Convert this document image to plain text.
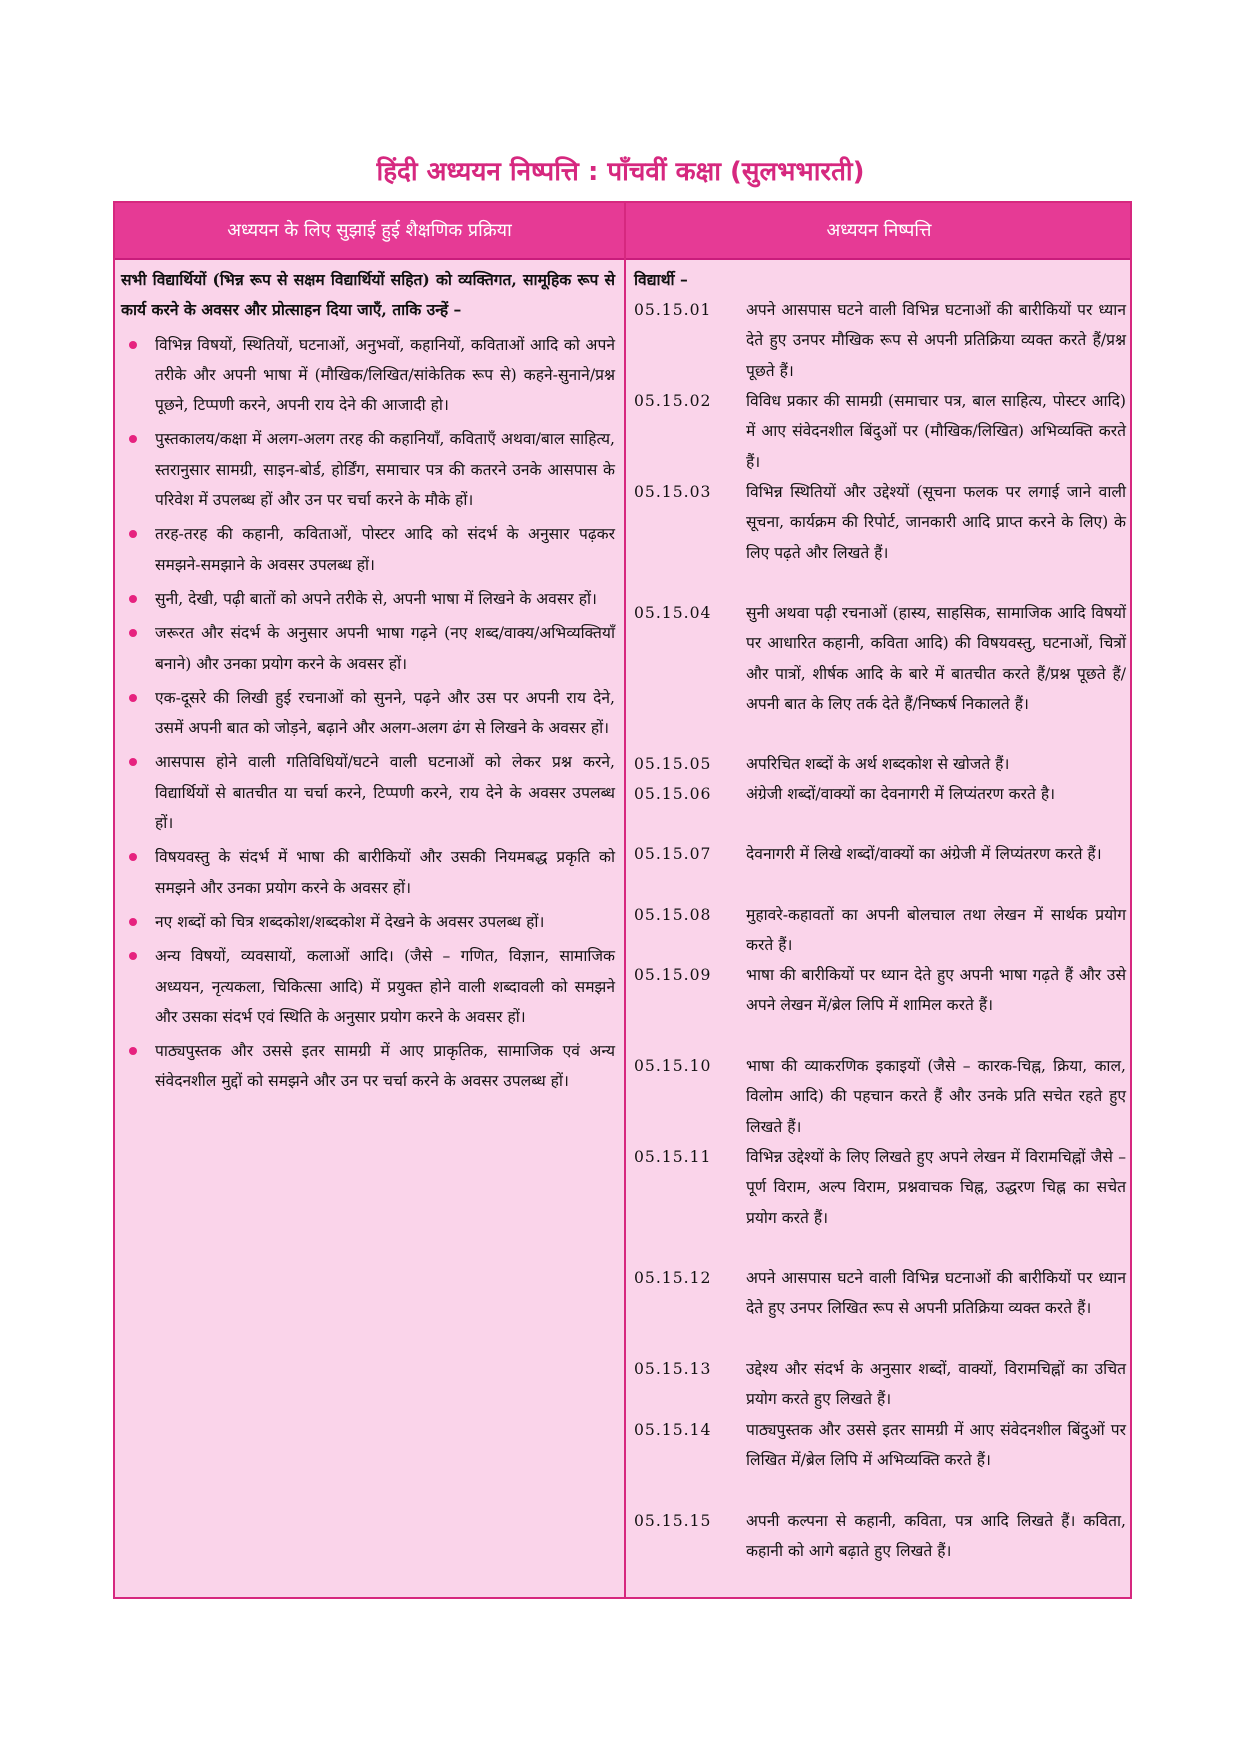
हिंदी अध्ययन निष्पत्ति : पाँचवीं कक्षा (सुलभभारती)
अध्ययन के लिए सुझाई हुई शैक्षणिक प्रक्रिया	अध्ययन निष्पत्ति
सभी विद्यार्थियों (भिन्न रूप से सक्षम विद्यार्थियों सहित) को व्यक्तिगत, सामूहिक रूप से कार्य करने के अवसर और प्रोत्साहन दिया जाएँ, ताकि उन्हें –
विभिन्न विषयों, स्थितियों, घटनाओं, अनुभवों, कहानियों, कविताओं आदि को अपने तरीके और अपनी भाषा में (मौखिक/लिखित/सांकेतिक रूप से) कहने-सुनाने/प्रश्न पूछने, टिप्पणी करने, अपनी राय देने की आजादी हो।
पुस्तकालय/कक्षा में अलग-अलग तरह की कहानियाँ, कविताएँ अथवा/बाल साहित्य, स्तरानुसार सामग्री, साइन-बोर्ड, होर्डिंग, समाचार पत्र की कतरने उनके आसपास के परिवेश में उपलब्ध हों और उन पर चर्चा करने के मौके हों।
तरह-तरह की कहानी, कविताओं, पोस्टर आदि को संदर्भ के अनुसार पढ़कर समझने-समझाने के अवसर उपलब्ध हों।
सुनी, देखी, पढ़ी बातों को अपने तरीके से, अपनी भाषा में लिखने के अवसर हों।
जरूरत और संदर्भ के अनुसार अपनी भाषा गढ़ने (नए शब्द/वाक्य/अभिव्यक्तियाँ बनाने) और उनका प्रयोग करने के अवसर हों।
एक-दूसरे की लिखी हुई रचनाओं को सुनने, पढ़ने और उस पर अपनी राय देने, उसमें अपनी बात को जोड़ने, बढ़ाने और अलग-अलग ढंग से लिखने के अवसर हों।
आसपास होने वाली गतिविधियों/घटने वाली घटनाओं को लेकर प्रश्न करने, विद्यार्थियों से बातचीत या चर्चा करने, टिप्पणी करने, राय देने के अवसर उपलब्ध हों।
विषयवस्तु के संदर्भ में भाषा की बारीकियों और उसकी नियमबद्ध प्रकृति को समझने और उनका प्रयोग करने के अवसर हों।
नए शब्दों को चित्र शब्दकोश/शब्दकोश में देखने के अवसर उपलब्ध हों।
अन्य विषयों, व्यवसायों, कलाओं आदि। (जैसे – गणित, विज्ञान, सामाजिक अध्ययन, नृत्यकला, चिकित्सा आदि) में प्रयुक्त होने वाली शब्दावली को समझने और उसका संदर्भ एवं स्थिति के अनुसार प्रयोग करने के अवसर हों।
पाठ्यपुस्तक और उससे इतर सामग्री में आए प्राकृतिक, सामाजिक एवं अन्य संवेदनशील मुद्दों को समझने और उन पर चर्चा करने के अवसर उपलब्ध हों।
विद्यार्थी –
05.15.01	अपने आसपास घटने वाली विभिन्न घटनाओं की बारीकियों पर ध्यान देते हुए उनपर मौखिक रूप से अपनी प्रतिक्रिया व्यक्त करते हैं/प्रश्न पूछते हैं।
05.15.02	विविध प्रकार की सामग्री (समाचार पत्र, बाल साहित्य, पोस्टर आदि) में आए संवेदनशील बिंदुओं पर (मौखिक/लिखित) अभिव्यक्ति करते हैं।
05.15.03	विभिन्न स्थितियों और उद्देश्यों (सूचना फलक पर लगाई जाने वाली सूचना, कार्यक्रम की रिपोर्ट, जानकारी आदि प्राप्त करने के लिए) के लिए पढ़ते और लिखते हैं।
05.15.04	सुनी अथवा पढ़ी रचनाओं (हास्य, साहसिक, सामाजिक आदि विषयों पर आधारित कहानी, कविता आदि) की विषयवस्तु, घटनाओं, चित्रों और पात्रों, शीर्षक आदि के बारे में बातचीत करते हैं/प्रश्न पूछते हैं/अपनी बात के लिए तर्क देते हैं/निष्कर्ष निकालते हैं।
05.15.05	अपरिचित शब्दों के अर्थ शब्दकोश से खोजते हैं।
05.15.06	अंग्रेजी शब्दों/वाक्यों का देवनागरी में लिप्यंतरण करते है।
05.15.07	देवनागरी में लिखे शब्दों/वाक्यों का अंग्रेजी में लिप्यंतरण करते हैं।
05.15.08	मुहावरे-कहावतों का अपनी बोलचाल तथा लेखन में सार्थक प्रयोग करते हैं।
05.15.09	भाषा की बारीकियों पर ध्यान देते हुए अपनी भाषा गढ़ते हैं और उसे अपने लेखन में/ब्रेल लिपि में शामिल करते हैं।
05.15.10	भाषा की व्याकरणिक इकाइयों (जैसे – कारक-चिह्न, क्रिया, काल, विलोम आदि) की पहचान करते हैं और उनके प्रति सचेत रहते हुए लिखते हैं।
05.15.11	विभिन्न उद्देश्यों के लिए लिखते हुए अपने लेखन में विरामचिह्नों जैसे – पूर्ण विराम, अल्प विराम, प्रश्नवाचक चिह्न, उद्धरण चिह्न का सचेत प्रयोग करते हैं।
05.15.12	अपने आसपास घटने वाली विभिन्न घटनाओं की बारीकियों पर ध्यान देते हुए उनपर लिखित रूप से अपनी प्रतिक्रिया व्यक्त करते हैं।
05.15.13	उद्देश्य और संदर्भ के अनुसार शब्दों, वाक्यों, विरामचिह्नों का उचित प्रयोग करते हुए लिखते हैं।
05.15.14	पाठ्यपुस्तक और उससे इतर सामग्री में आए संवेदनशील बिंदुओं पर लिखित में/ब्रेल लिपि में अभिव्यक्ति करते हैं।
05.15.15	अपनी कल्पना से कहानी, कविता, पत्र आदि लिखते हैं। कविता, कहानी को आगे बढ़ाते हुए लिखते हैं।
